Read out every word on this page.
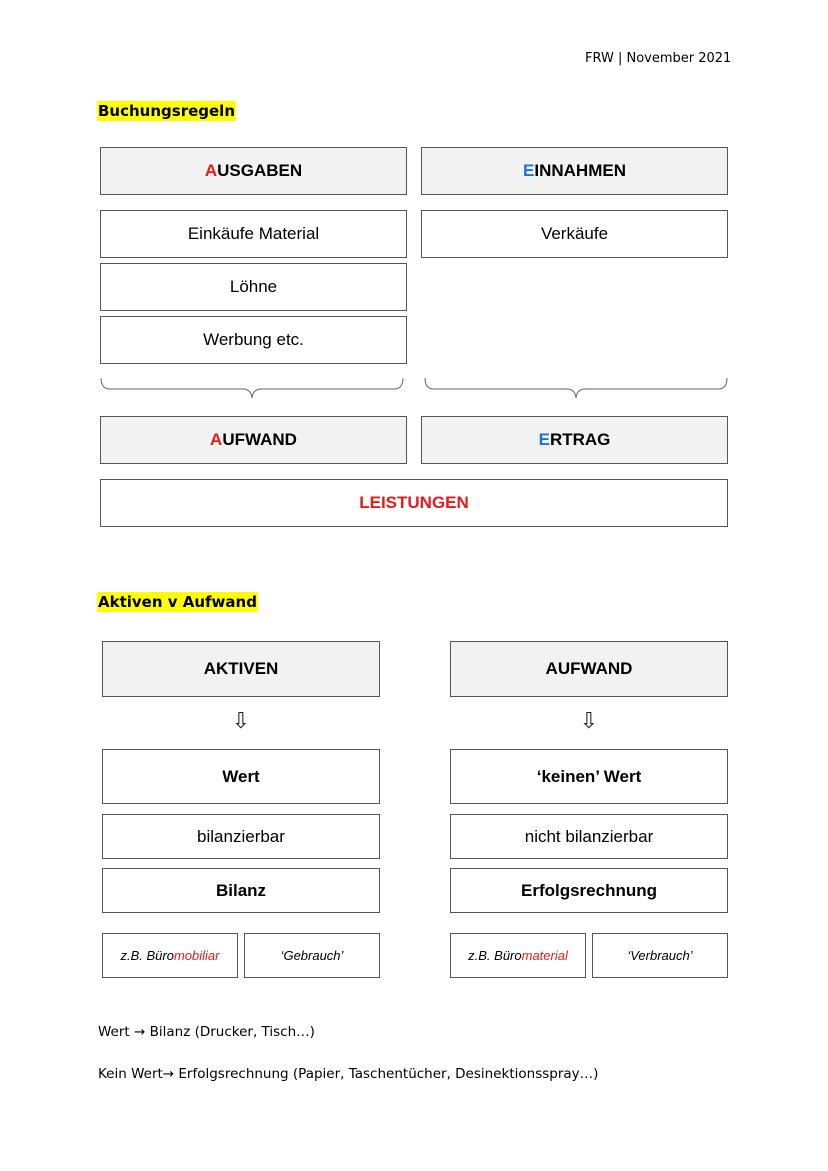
FRW | November 2021
Buchungsregeln
A USGABEN	E INNAHMEN
Einkäufe Material
Löhne
Werbung etc.
Verkäufe
A UFWAND	E RTRAG
LEISTUNGEN
Aktiven v Aufwand
AKTIVEN
⇩
Wert
bilanzierbar
Bilanz
z.B. Büro mobiliar	‘Gebrauch’
AUFWAND
⇩
‘keinen’ Wert
nicht bilanzierbar
Erfolgsrechnung
z.B. Büro material	‘Verbrauch’
Wert → Bilanz (Drucker, Tisch…)
Kein Wert→ Erfolgsrechnung (Papier, Taschentücher, Desinektionsspray…)
